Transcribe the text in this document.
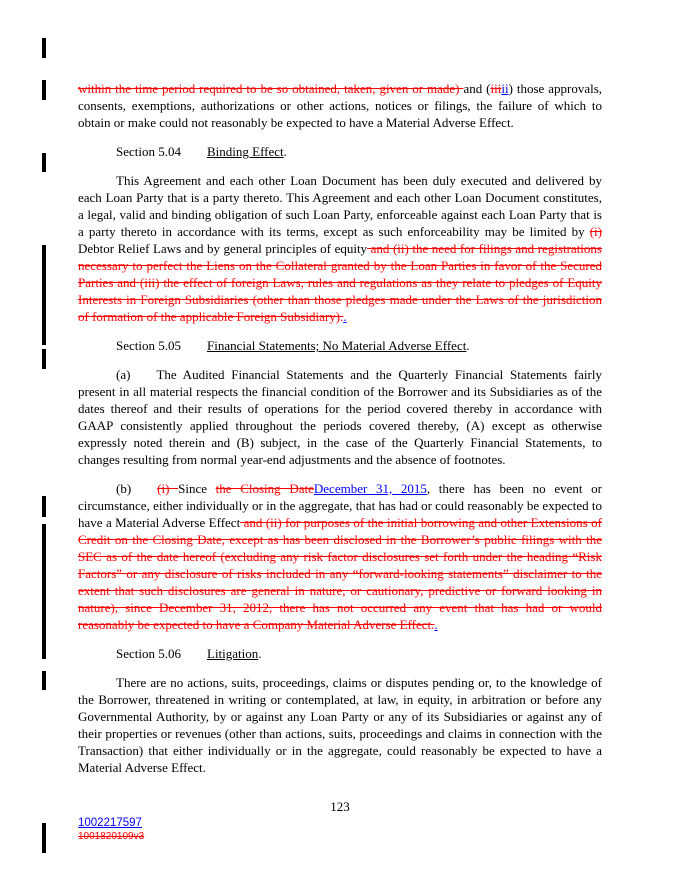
within the time period required to be so obtained, taken, given or made) and (iiiii) those approvals, consents, exemptions, authorizations or other actions, notices or filings, the failure of which to obtain or make could not reasonably be expected to have a Material Adverse Effect.

Section 5.04 Binding Effect.

This Agreement and each other Loan Document has been duly executed and delivered by each Loan Party that is a party thereto. This Agreement and each other Loan Document constitutes, a legal, valid and binding obligation of such Loan Party, enforceable against each Loan Party that is a party thereto in accordance with its terms, except as such enforceability may be limited by (i) Debtor Relief Laws and by general principles of equity and (ii) the need for filings and registrations necessary to perfect the Liens on the Collateral granted by the Loan Parties in favor of the Secured Parties and (iii) the effect of foreign Laws, rules and regulations as they relate to pledges of Equity Interests in Foreign Subsidiaries (other than those pledges made under the Laws of the jurisdiction of formation of the applicable Foreign Subsidiary)..

Section 5.05 Financial Statements; No Material Adverse Effect.

(a) The Audited Financial Statements and the Quarterly Financial Statements fairly present in all material respects the financial condition of the Borrower and its Subsidiaries as of the dates thereof and their results of operations for the period covered thereby in accordance with GAAP consistently applied throughout the periods covered thereby, (A) except as otherwise expressly noted therein and (B) subject, in the case of the Quarterly Financial Statements, to changes resulting from normal year-end adjustments and the absence of footnotes.

(b) (i) Since the Closing DateDecember 31, 2015, there has been no event or circumstance, either individually or in the aggregate, that has had or could reasonably be expected to have a Material Adverse Effect and (ii) for purposes of the initial borrowing and other Extensions of Credit on the Closing Date, except as has been disclosed in the Borrower’s public filings with the SEC as of the date hereof (excluding any risk factor disclosures set forth under the heading “Risk Factors” or any disclosure of risks included in any “forward-looking statements” disclaimer to the extent that such disclosures are general in nature, or cautionary, predictive or forward looking in nature), since December 31, 2012, there has not occurred any event that has had or would reasonably be expected to have a Company Material Adverse Effect..

Section 5.06 Litigation.

There are no actions, suits, proceedings, claims or disputes pending or, to the knowledge of the Borrower, threatened in writing or contemplated, at law, in equity, in arbitration or before any Governmental Authority, by or against any Loan Party or any of its Subsidiaries or against any of their properties or revenues (other than actions, suits, proceedings and claims in connection with the Transaction) that either individually or in the aggregate, could reasonably be expected to have a Material Adverse Effect.

123
1002217597
1001820109v3
